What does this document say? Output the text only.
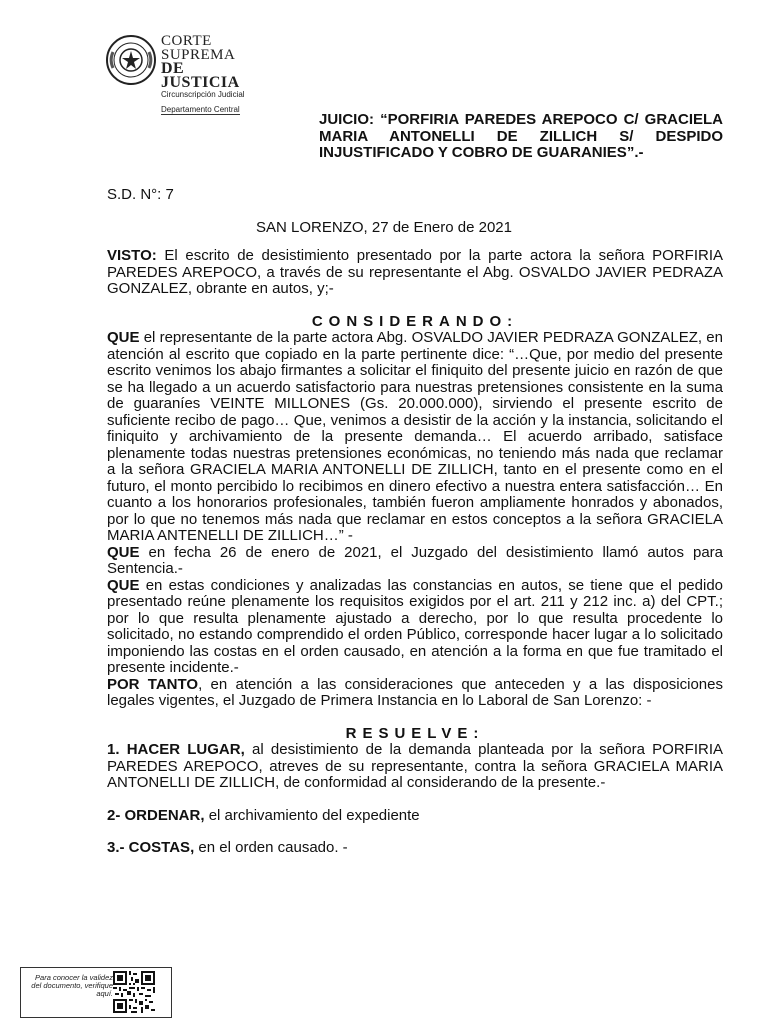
CORTE
SUPREMA
DE JUSTICIA
Circunscripción Judicial
Departamento Central
JUICIO: “PORFIRIA PAREDES AREPOCO C/ GRACIELA MARIA ANTONELLI DE ZILLICH S/ DESPIDO INJUSTIFICADO Y COBRO DE GUARANIES”.-
S.D. N°: 7
SAN LORENZO, 27 de Enero de 2021

VISTO: El escrito de desistimiento presentado por la parte actora la señora PORFIRIA PAREDES AREPOCO, a través de su representante el Abg. OSVALDO JAVIER PEDRAZA GONZALEZ, obrante en autos, y;-

CONSIDERANDO:

QUE el representante de la parte actora Abg. OSVALDO JAVIER PEDRAZA GONZALEZ, en atención al escrito que copiado en la parte pertinente dice: “…Que, por medio del presente escrito venimos los abajo firmantes a solicitar el finiquito del presente juicio en razón de que se ha llegado a un acuerdo satisfactorio para nuestras pretensiones consistente en la suma de guaraníes VEINTE MILLONES (Gs. 20.000.000), sirviendo el presente escrito de suficiente recibo de pago… Que, venimos a desistir de la acción y la instancia, solicitando el finiquito y archivamiento de la presente demanda… El acuerdo arribado, satisface plenamente todas nuestras pretensiones económicas, no teniendo más nada que reclamar a la señora GRACIELA MARIA ANTONELLI DE ZILLICH, tanto en el presente como en el futuro, el monto percibido lo recibimos en dinero efectivo a nuestra entera satisfacción… En cuanto a los honorarios profesionales, también fueron ampliamente honrados y abonados, por lo que no tenemos más nada que reclamar en estos conceptos a la señora GRACIELA MARIA ANTENELLI DE ZILLICH…” -

QUE en fecha 26 de enero de 2021, el Juzgado del desistimiento llamó autos para Sentencia.-

QUE en estas condiciones y analizadas las constancias en autos, se tiene que el pedido presentado reúne plenamente los requisitos exigidos por el art. 211 y 212 inc. a) del CPT.; por lo que resulta plenamente ajustado a derecho, por lo que resulta procedente lo solicitado, no estando comprendido el orden Público, corresponde hacer lugar a lo solicitado imponiendo las costas en el orden causado, en atención a la forma en que fue tramitado el presente incidente.-

POR TANTO, en atención a las consideraciones que anteceden y a las disposiciones legales vigentes, el Juzgado de Primera Instancia en lo Laboral de San Lorenzo: -

RESUELVE:

1. HACER LUGAR, al desistimiento de la demanda planteada por la señora PORFIRIA PAREDES AREPOCO, atreves de su representante, contra la señora GRACIELA MARIA ANTONELLI DE ZILLICH, de conformidad al considerando de la presente.-

2- ORDENAR, el archivamiento del expediente

3.- COSTAS, en el orden causado. -

Para conocer la validez del documento, verifique aquí.
